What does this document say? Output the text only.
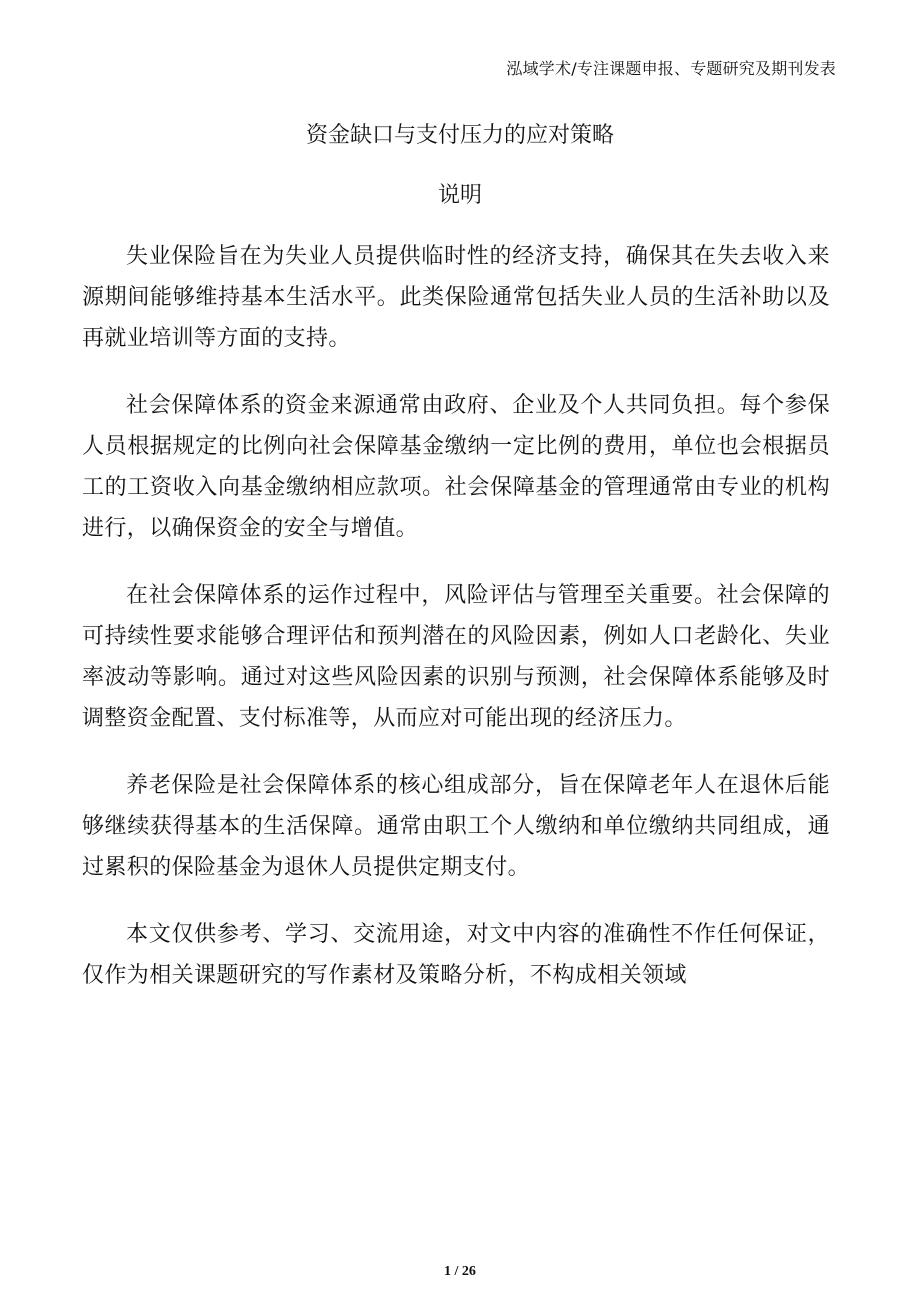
泓域学术/专注课题申报、专题研究及期刊发表
资金缺口与支付压力的应对策略
说明

失业保险旨在为失业人员提供临时性的经济支持，确保其在失去收入来源期间能够维持基本生活水平。此类保险通常包括失业人员的生活补助以及再就业培训等方面的支持。

社会保障体系的资金来源通常由政府、企业及个人共同负担。每个参保人员根据规定的比例向社会保障基金缴纳一定比例的费用，单位也会根据员工的工资收入向基金缴纳相应款项。社会保障基金的管理通常由专业的机构进行，以确保资金的安全与增值。

在社会保障体系的运作过程中，风险评估与管理至关重要。社会保障的可持续性要求能够合理评估和预判潜在的风险因素，例如人口老龄化、失业率波动等影响。通过对这些风险因素的识别与预测，社会保障体系能够及时调整资金配置、支付标准等，从而应对可能出现的经济压力。

养老保险是社会保障体系的核心组成部分，旨在保障老年人在退休后能够继续获得基本的生活保障。通常由职工个人缴纳和单位缴纳共同组成，通过累积的保险基金为退休人员提供定期支付。

本文仅供参考、学习、交流用途，对文中内容的准确性不作任何保证，仅作为相关课题研究的写作素材及策略分析，不构成相关领域

1 / 26
